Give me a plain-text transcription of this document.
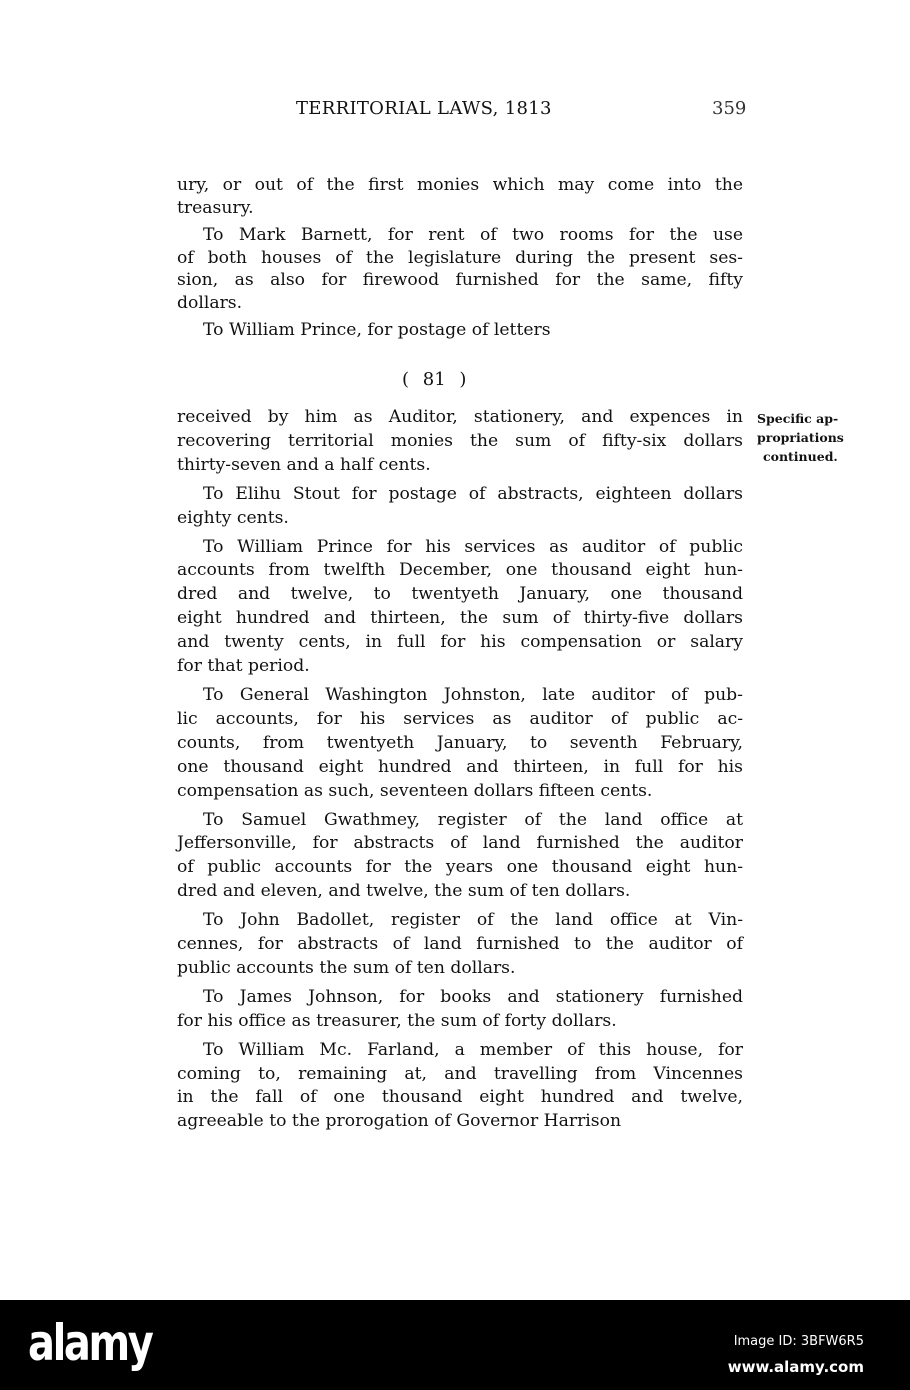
TERRITORIAL LAWS, 1813	359
ury, or out of the first monies which may come into the
treasury.
To Mark Barnett, for rent of two rooms for the use
of both houses of the legislature during the present ses-
sion, as also for firewood furnished for the same, fifty
dollars.
To William Prince, for postage of letters
( 81 )
received by him as Auditor, stationery, and expences in
recovering territorial monies the sum of fifty-six dollars
thirty-seven and a half cents.
To Elihu Stout for postage of abstracts, eighteen dollars
eighty cents.
To William Prince for his services as auditor of public
accounts from twelfth December, one thousand eight hun-
dred and twelve, to twentyeth January, one thousand
eight hundred and thirteen, the sum of thirty-five dollars
and twenty cents, in full for his compensation or salary
for that period.
To General Washington Johnston, late auditor of pub-
lic accounts, for his services as auditor of public ac-
counts, from twentyeth January, to seventh February,
one thousand eight hundred and thirteen, in full for his
compensation as such, seventeen dollars fifteen cents.
To Samuel Gwathmey, register of the land office at
Jeffersonville, for abstracts of land furnished the auditor
of public accounts for the years one thousand eight hun-
dred and eleven, and twelve, the sum of ten dollars.
To John Badollet, register of the land office at Vin-
cennes, for abstracts of land furnished to the auditor of
public accounts the sum of ten dollars.
To James Johnson, for books and stationery furnished
for his office as treasurer, the sum of forty dollars.
To William Mc. Farland, a member of this house, for
coming to, remaining at, and travelling from Vincennes
in the fall of one thousand eight hundred and twelve,
agreeable to the prorogation of Governor Harrison
Specific ap-
propriations
continued.
alamy	Image ID: 3BFW6R5
www.alamy.com
